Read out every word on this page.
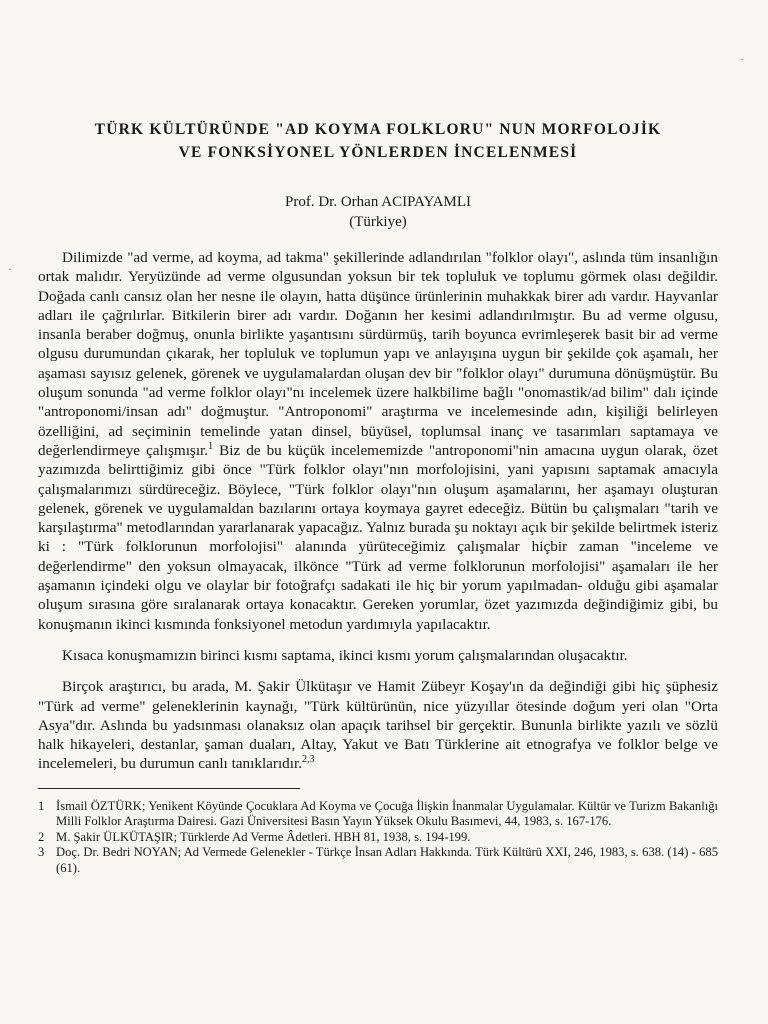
·
·
TÜRK KÜLTÜRÜNDE "AD KOYMA FOLKLORU" NUN MORFOLOJİK
VE FONKSİYONEL YÖNLERDEN İNCELENMESİ
Prof. Dr. Orhan ACIPAYAMLI
(Türkiye)

Dilimizde "ad verme, ad koyma, ad takma" şekillerinde adlandırılan "folklor olayı", aslında tüm insanlığın ortak malıdır. Yeryüzünde ad verme olgusundan yoksun bir tek topluluk ve toplumu görmek olası değildir. Doğada canlı cansız olan her nesne ile olayın, hatta düşünce ürünlerinin muhakkak birer adı vardır. Hayvanlar adları ile çağrılırlar. Bitkilerin birer adı vardır. Doğanın her kesimi adlandırılmıştır. Bu ad verme olgusu, insanla beraber doğmuş, onunla birlikte yaşantısını sürdürmüş, tarih boyunca evrimleşerek basit bir ad verme olgusu durumundan çıkarak, her topluluk ve toplumun yapı ve anlayışına uygun bir şekilde çok aşamalı, her aşaması sayısız gelenek, görenek ve uygulamalardan oluşan dev bir "folklor olayı" durumuna dönüşmüştür. Bu oluşum sonunda "ad verme folklor olayı"nı incelemek üzere halkbilime bağlı "onomastik/ad bilim" dalı içinde "antroponomi/insan adı" doğmuştur. "Antroponomi" araştırma ve incelemesinde adın, kişiliği belirleyen özelliğini, ad seçiminin temelinde yatan dinsel, büyüsel, toplumsal inanç ve tasarımları saptamaya ve değerlendirmeye çalışmışır.$^1$ Biz de bu küçük incelememizde "antroponomi"nin amacına uygun olarak, özet yazımızda belirttiğimiz gibi önce "Türk folklor olayı"nın morfolojisini, yani yapısını saptamak amacıyla çalışmalarımızı sürdüreceğiz. Böylece, "Türk folklor olayı"nın oluşum aşamalarını, her aşamayı oluşturan gelenek, görenek ve uygulamaldan bazılarını ortaya koymaya gayret edeceğiz. Bütün bu çalışmaları "tarih ve karşılaştırma" metodlarından yararlanarak yapacağız. Yalnız burada şu noktayı açık bir şekilde belirtmek isteriz ki : "Türk folklorunun morfolojisi" alanında yürüteceğimiz çalışmalar hiçbir zaman "inceleme ve değerlendirme" den yoksun olmayacak, ilkönce "Türk ad verme folklorunun morfolojisi" aşamaları ile her aşamanın içindeki olgu ve olaylar bir fotoğrafçı sadakati ile hiç bir yorum yapılmadan- olduğu gibi aşamalar oluşum sırasına göre sıralanarak ortaya konacaktır. Gereken yorumlar, özet yazımızda değindiğimiz gibi, bu konuşmanın ikinci kısmında fonksiyonel metodun yardımıyla yapılacaktır.

Kısaca konuşmamızın birinci kısmı saptama, ikinci kısmı yorum çalışmalarından oluşacaktır.

Birçok araştırıcı, bu arada, M. Şakir Ülkütaşır ve Hamit Zübeyr Koşay'ın da değindiği gibi hiç şüphesiz "Türk ad verme" geleneklerinin kaynağı, "Türk kültürünün, nice yüzyıllar ötesinde doğum yeri olan "Orta Asya"dır. Aslında bu yadsınması olanaksız olan apaçık tarihsel bir gerçektir. Bununla birlikte yazılı ve sözlü halk hikayeleri, destanlar, şaman duaları, Altay, Yakut ve Batı Türklerine ait etnografya ve folklor belge ve incelemeleri, bu durumun canlı tanıklarıdır.$^{2,3}$

1 İsmail ÖZTÜRK; Yenikent Köyünde Çocuklara Ad Koyma ve Çocuğa İlişkin İnanmalar Uygulamalar. Kültür ve Turizm Bakanlığı Milli Folklor Araştırma Dairesi. Gazi Üniversitesi Basın Yayın Yüksek Okulu Basımevi, 44, 1983, s. 167-176.
2 M. Şakir ÜLKÜTAŞIR; Türklerde Ad Verme Âdetleri. HBH 81, 1938, s. 194-199.
3 Doç. Dr. Bedri NOYAN; Ad Vermede Gelenekler - Türkçe İnsan Adları Hakkında. Türk Kültürü XXI, 246, 1983, s. 638. (14) - 685 (61).
